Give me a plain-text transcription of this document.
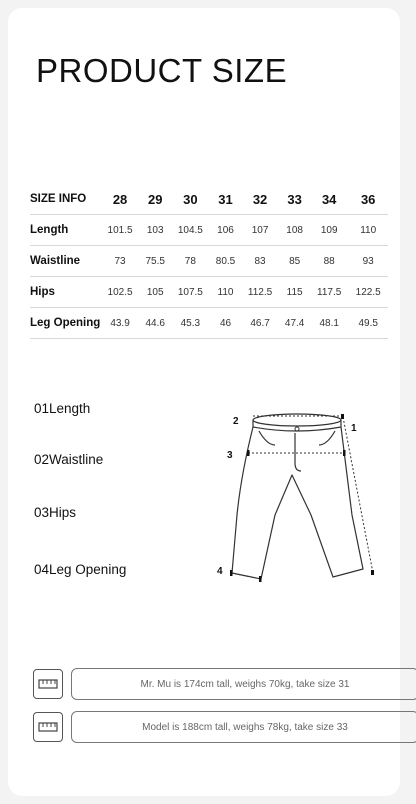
PRODUCT SIZE
SIZE INFO	28	29	30	31	32	33	34	36
Length	101.5	103	104.5	106	107	108	109	110
Waistline	73	75.5	78	80.5	83	85	88	93
Hips	102.5	105	107.5	110	112.5	115	117.5	122.5
Leg Opening	43.9	44.6	45.3	46	46.7	47.4	48.1	49.5
01Length
02Waistline
03Hips
04Leg Opening
1
2
3
4
Mr. Mu is 174cm tall, weighs 70kg, take size 31
Model is 188cm tall, weighs 78kg, take size 33
